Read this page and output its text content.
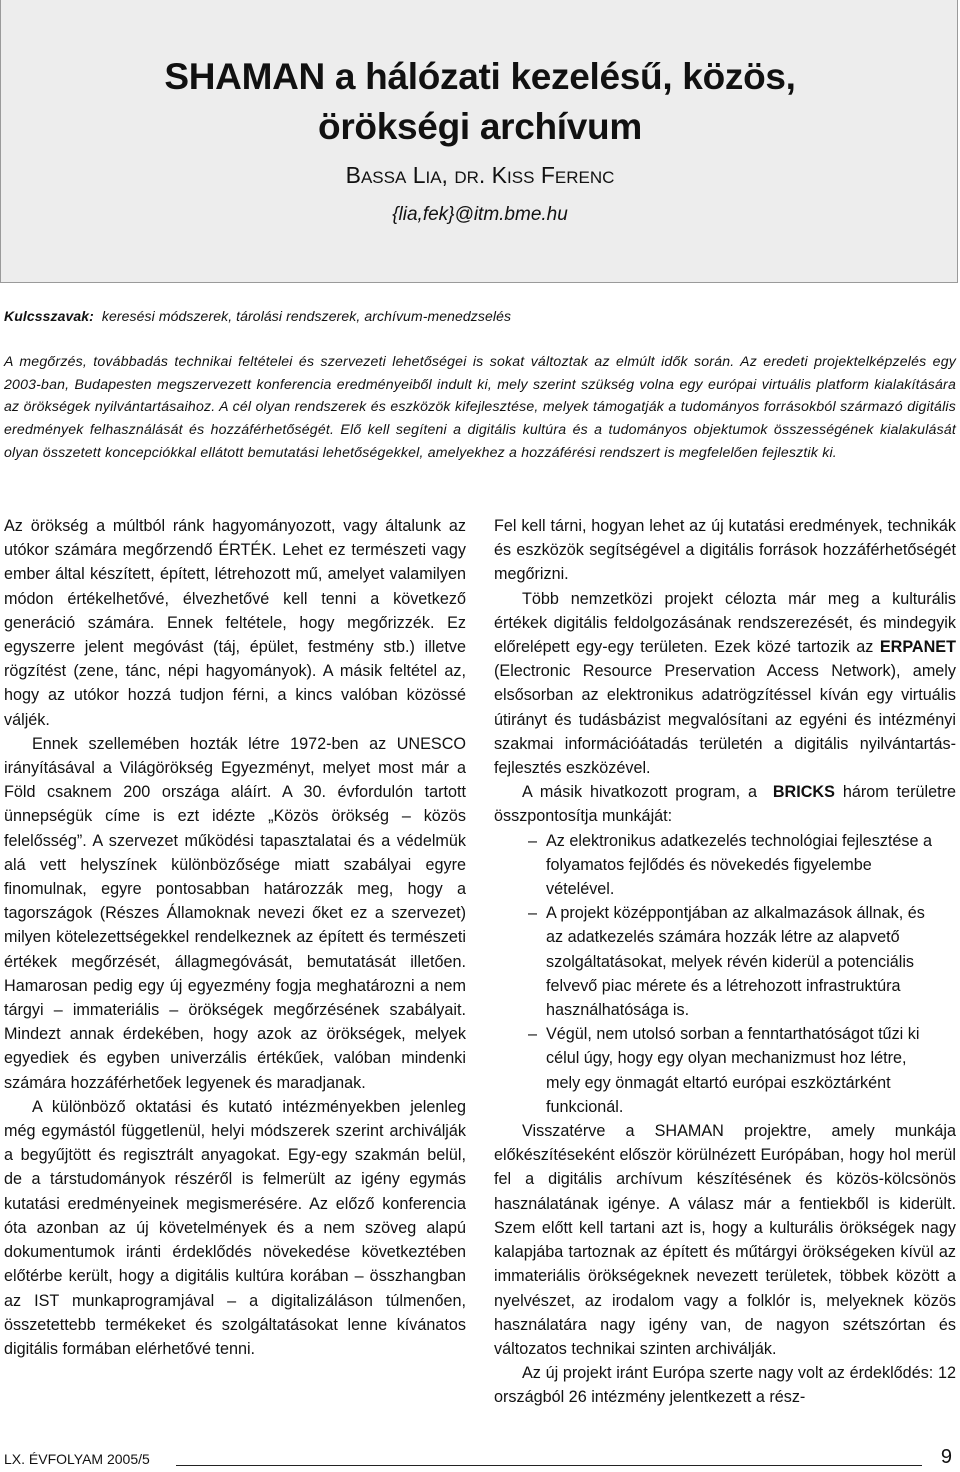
SHAMAN a hálózati kezelésű, közös,
örökségi archívum
BASSA LIA, DR. KISS FERENC
{lia,fek}@itm.bme.hu
Kulcsszavak: keresési módszerek, tárolási rendszerek, archívum-menedzselés

A megőrzés, továbbadás technikai feltételei és szervezeti lehetőségei is sokat változtak az elmúlt idők során. Az eredeti projektelképzelés egy 2003-ban, Budapesten megszervezett konferencia eredményeiből indult ki, mely szerint szükség volna egy európai virtuális platform kialakítására az örökségek nyilvántartásaihoz. A cél olyan rendszerek és eszközök kifejlesztése, melyek támogatják a tudományos forrásokból származó digitális eredmények felhasználását és hozzáférhetőségét. Elő kell segíteni a digitális kultúra és a tudományos objektumok összességének kialakulását olyan összetett koncepciókkal ellátott bemutatási lehetőségekkel, amelyekhez a hozzáférési rendszert is megfelelően fejlesztik ki.

Az örökség a múltból ránk hagyományozott, vagy általunk az utókor számára megőrzendő ÉRTÉK. Lehet ez természeti vagy ember által készített, épített, létrehozott mű, amelyet valamilyen módon értékelhetővé, élvezhetővé kell tenni a következő generáció számára. Ennek feltétele, hogy megőrizzék. Ez egyszerre jelent megóvást (táj, épület, festmény stb.) illetve rögzítést (zene, tánc, népi hagyományok). A másik feltétel az, hogy az utókor hozzá tudjon férni, a kincs valóban közössé váljék.

Ennek szellemében hozták létre 1972-ben az UNESCO irányításával a Világörökség Egyezményt, melyet most már a Föld csaknem 200 országa aláírt. A 30. évfordulón tartott ünnepségük címe is ezt idézte „Közös örökség – közös felelősség”. A szervezet működési tapasztalatai és a védelmük alá vett helyszínek különbözősége miatt szabályai egyre finomulnak, egyre pontosabban határozzák meg, hogy a tagországok (Részes Államoknak nevezi őket ez a szervezet) milyen kötelezettségekkel rendelkeznek az épített és természeti értékek megőrzését, állagmegóvását, bemutatását illetően. Hamarosan pedig egy új egyezmény fogja meghatározni a nem tárgyi – immateriális – örökségek megőrzésének szabályait. Mindezt annak érdekében, hogy azok az örökségek, melyek egyediek és egyben univerzális értékűek, valóban mindenki számára hozzáférhetőek legyenek és maradjanak.

A különböző oktatási és kutató intézményekben jelenleg még egymástól függetlenül, helyi módszerek szerint archiválják a begyűjtött és regisztrált anyagokat. Egy-egy szakmán belül, de a társtudományok részéről is felmerült az igény egymás kutatási eredményeinek megismerésére. Az előző konferencia óta azonban az új követelmények és a nem szöveg alapú dokumentumok iránti érdeklődés növekedése következtében előtérbe került, hogy a digitális kultúra korában – összhangban az IST munkaprogramjával – a digitalizáláson túlmenően, összetettebb termékeket és szolgáltatásokat lenne kívánatos digitális formában elérhetővé tenni.

Fel kell tárni, hogyan lehet az új kutatási eredmények, technikák és eszközök segítségével a digitális források hozzáférhetőségét megőrizni.

Több nemzetközi projekt célozta már meg a kulturális értékek digitális feldolgozásának rendszerezését, és mindegyik előrelépett egy-egy területen. Ezek közé tartozik az ERPANET (Electronic Resource Preservation Access Network), amely elsősorban az elektronikus adatrögzítéssel kíván egy virtuális útirányt és tudásbázist megvalósítani az egyéni és intézményi szakmai információátadás területén a digitális nyilvántartás-fejlesztés eszközével.

A másik hivatkozott program, a BRICKS három területre összpontosítja munkáját:

– Az elektronikus adatkezelés technológiai fejlesztése a folyamatos fejlődés és növekedés figyelembe vételével.
– A projekt középpontjában az alkalmazások állnak, és az adatkezelés számára hozzák létre az alapvető szolgáltatásokat, melyek révén kiderül a potenciális felvevő piac mérete és a létrehozott infrastruktúra használhatósága is.
– Végül, nem utolsó sorban a fenntarthatóságot tűzi ki célul úgy, hogy egy olyan mechanizmust hoz létre, mely egy önmagát eltartó európai eszköztárként funkcionál.

Visszatérve a SHAMAN projektre, amely munkája előkészítéseként először körülnézett Európában, hogy hol merül fel a digitális archívum készítésének és közös-kölcsönös használatának igénye. A válasz már a fentiekből is kiderült. Szem előtt kell tartani azt is, hogy a kulturális örökségek nagy kalapjába tartoznak az épített és műtárgyi örökségeken kívül az immateriális örökségeknek nevezett területek, többek között a nyelvészet, az irodalom vagy a folklór is, melyeknek közös használatára nagy igény van, de nagyon szétszórtan és változatos technikai szinten archiválják.

Az új projekt iránt Európa szerte nagy volt az érdeklődés: 12 országból 26 intézmény jelentkezett a rész-

LX. ÉVFOLYAM 2005/5	9
